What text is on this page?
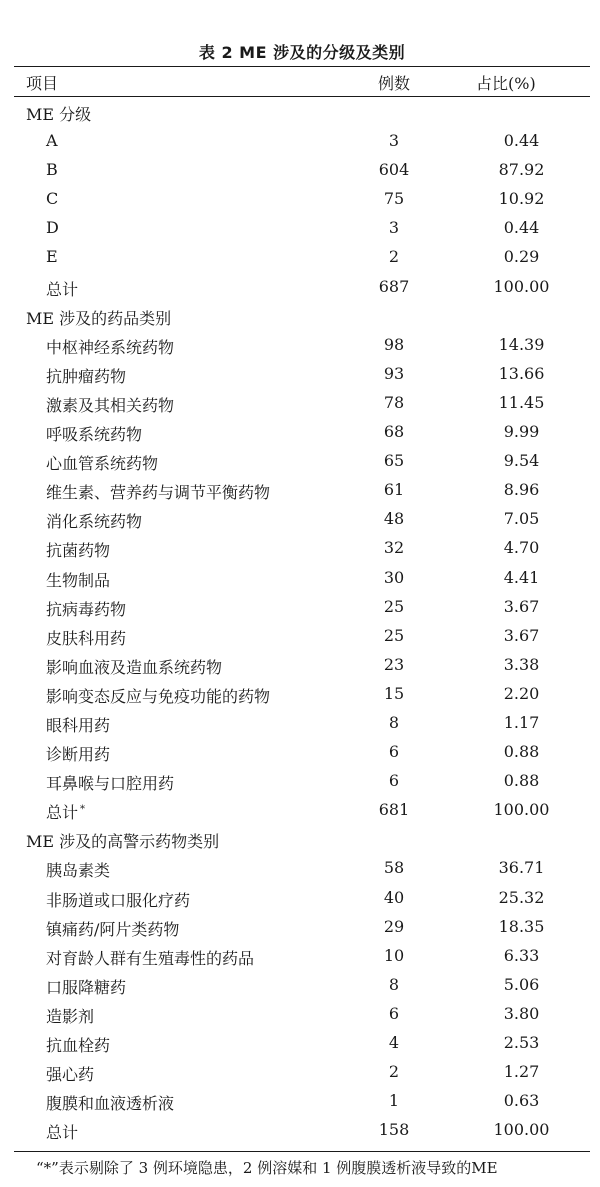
表 2 ME 涉及的分级及类别
项目	例数	占比(%)
ME 分级
A	3	0.44
B	604	87.92
C	75	10.92
D	3	0.44
E	2	0.29
总计	687	100.00
ME 涉及的药品类别
中枢神经系统药物	98	14.39
抗肿瘤药物	93	13.66
激素及其相关药物	78	11.45
呼吸系统药物	68	9.99
心血管系统药物	65	9.54
维生素、营养药与调节平衡药物	61	8.96
消化系统药物	48	7.05
抗菌药物	32	4.70
生物制品	30	4.41
抗病毒药物	25	3.67
皮肤科用药	25	3.67
影响血液及造血系统药物	23	3.38
影响变态反应与免疫功能的药物	15	2.20
眼科用药	8	1.17
诊断用药	6	0.88
耳鼻喉与口腔用药	6	0.88
总计 *	681	100.00
ME 涉及的高警示药物类别
胰岛素类	58	36.71
非肠道或口服化疗药	40	25.32
镇痛药/阿片类药物	29	18.35
对育龄人群有生殖毒性的药品	10	6.33
口服降糖药	8	5.06
造影剂	6	3.80
抗血栓药	4	2.53
强心药	2	1.27
腹膜和血液透析液	1	0.63
总计	158	100.00
“*”表示剔除了 3 例环境隐患，2 例溶媒和 1 例腹膜透析液导致的ME
